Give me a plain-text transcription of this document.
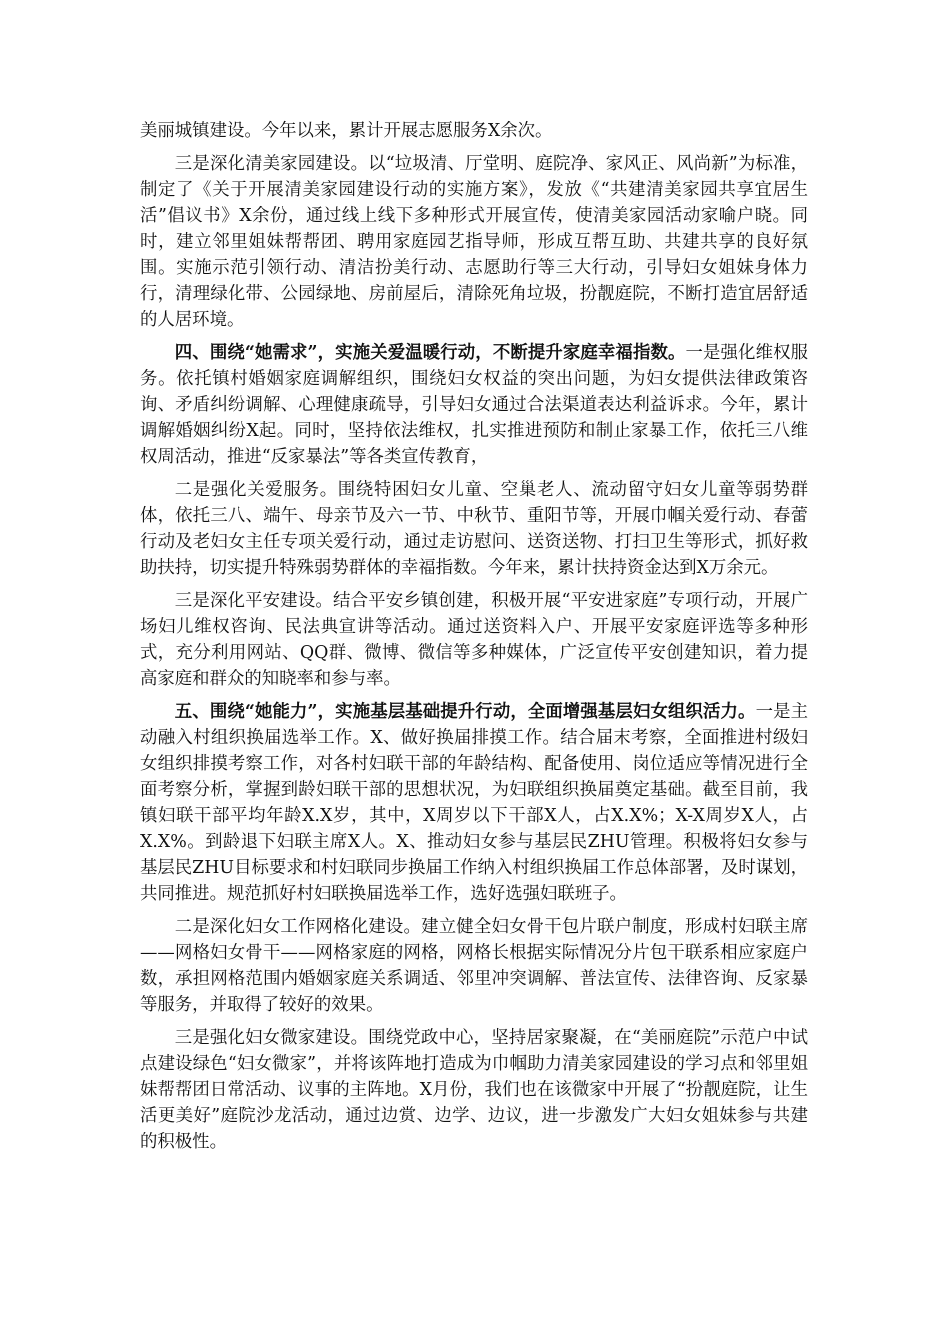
美丽城镇建设。今年以来，累计开展志愿服务X余次。

三是深化清美家园建设。以“垃圾清、厅堂明、庭院净、家风正、风尚新”为标准，制定了《关于开展清美家园建设行动的实施方案》，发放《“共建清美家园共享宜居生活”倡议书》X余份，通过线上线下多种形式开展宣传，使清美家园活动家喻户晓。同时，建立邻里姐妹帮帮团、聘用家庭园艺指导师，形成互帮互助、共建共享的良好氛围。实施示范引领行动、清洁扮美行动、志愿助行等三大行动，引导妇女姐妹身体力行，清理绿化带、公园绿地、房前屋后，清除死角垃圾，扮靓庭院，不断打造宜居舒适的人居环境。

四、围绕“她需求”，实施关爱温暖行动，不断提升家庭幸福指数。一是强化维权服务。依托镇村婚姻家庭调解组织，围绕妇女权益的突出问题，为妇女提供法律政策咨询、矛盾纠纷调解、心理健康疏导，引导妇女通过合法渠道表达利益诉求。今年，累计调解婚姻纠纷X起。同时，坚持依法维权，扎实推进预防和制止家暴工作，依托三八维权周活动，推进“反家暴法”等各类宣传教育，

二是强化关爱服务。围绕特困妇女儿童、空巢老人、流动留守妇女儿童等弱势群体，依托三八、端午、母亲节及六一节、中秋节、重阳节等，开展巾帼关爱行动、春蕾行动及老妇女主任专项关爱行动，通过走访慰问、送资送物、打扫卫生等形式，抓好救助扶持，切实提升特殊弱势群体的幸福指数。今年来，累计扶持资金达到X万余元。

三是深化平安建设。结合平安乡镇创建，积极开展“平安进家庭”专项行动，开展广场妇儿维权咨询、民法典宣讲等活动。通过送资料入户、开展平安家庭评选等多种形式，充分利用网站、QQ群、微博、微信等多种媒体，广泛宣传平安创建知识，着力提高家庭和群众的知晓率和参与率。

五、围绕“她能力”，实施基层基础提升行动，全面增强基层妇女组织活力。一是主动融入村组织换届选举工作。X、做好换届排摸工作。结合届末考察，全面推进村级妇女组织排摸考察工作，对各村妇联干部的年龄结构、配备使用、岗位适应等情况进行全面考察分析，掌握到龄妇联干部的思想状况，为妇联组织换届奠定基础。截至目前，我镇妇联干部平均年龄X.X岁，其中，X周岁以下干部X人，占X.X%；X-X周岁X人，占X.X%。到龄退下妇联主席X人。X、推动妇女参与基层民ZHU管理。积极将妇女参与基层民ZHU目标要求和村妇联同步换届工作纳入村组织换届工作总体部署，及时谋划，共同推进。规范抓好村妇联换届选举工作，选好选强妇联班子。

二是深化妇女工作网格化建设。建立健全妇女骨干包片联户制度，形成村妇联主席——网格妇女骨干——网格家庭的网格，网格长根据实际情况分片包干联系相应家庭户数，承担网格范围内婚姻家庭关系调适、邻里冲突调解、普法宣传、法律咨询、反家暴等服务，并取得了较好的效果。

三是强化妇女微家建设。围绕党政中心，坚持居家聚凝，在“美丽庭院”示范户中试点建设绿色“妇女微家”，并将该阵地打造成为巾帼助力清美家园建设的学习点和邻里姐妹帮帮团日常活动、议事的主阵地。X月份，我们也在该微家中开展了“扮靓庭院，让生活更美好”庭院沙龙活动，通过边赏、边学、边议，进一步激发广大妇女姐妹参与共建的积极性。
